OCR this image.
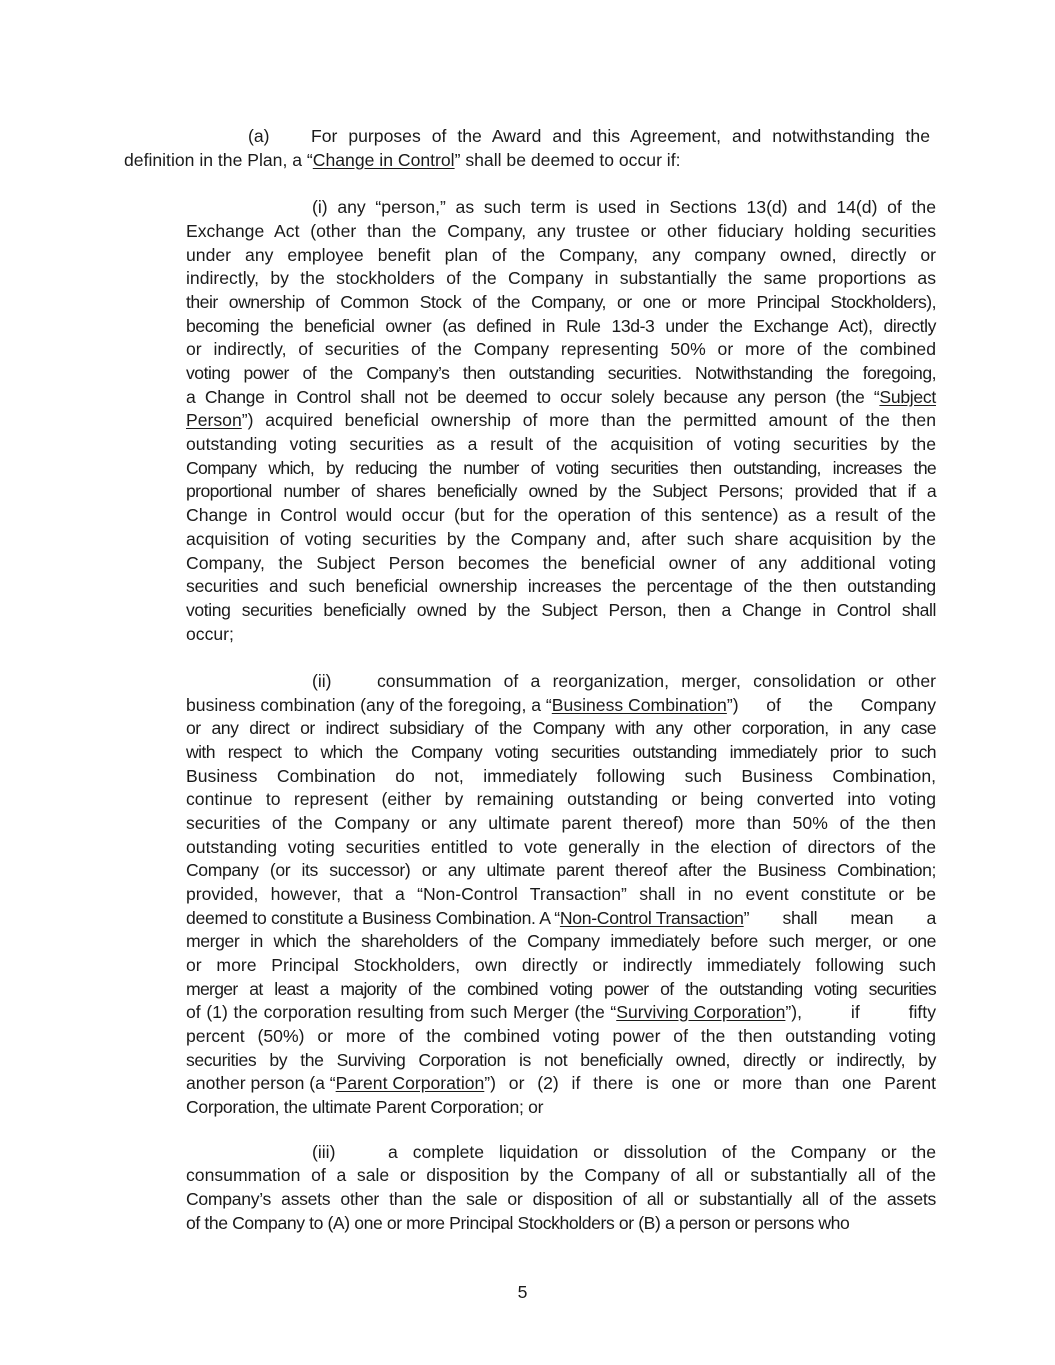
(a) For purposes of the Award and this Agreement, and notwithstanding the
definition in the Plan, a “Change in Control” shall be deemed to occur if:
(i) any “person,” as such term is used in Sections 13(d) and 14(d) of the
Exchange Act (other than the Company, any trustee or other fiduciary holding securities
under any employee benefit plan of the Company, any company owned, directly or
indirectly, by the stockholders of the Company in substantially the same proportions as
their ownership of Common Stock of the Company, or one or more Principal Stockholders),
becoming the beneficial owner (as defined in Rule 13d-3 under the Exchange Act), directly
or indirectly, of securities of the Company representing 50% or more of the combined
voting power of the Company’s then outstanding securities. Notwithstanding the foregoing,
a Change in Control shall not be deemed to occur solely because any person (the “ Subject
Person ”) acquired beneficial ownership of more than the permitted amount of the then
outstanding voting securities as a result of the acquisition of voting securities by the
Company which, by reducing the number of voting securities then outstanding, increases the
proportional number of shares beneficially owned by the Subject Persons; provided that if a
Change in Control would occur (but for the operation of this sentence) as a result of the
acquisition of voting securities by the Company and, after such share acquisition by the
Company, the Subject Person becomes the beneficial owner of any additional voting
securities and such beneficial ownership increases the percentage of the then outstanding
voting securities beneficially owned by the Subject Person, then a Change in Control shall
occur;
(ii)	consummation of a reorganization, merger, consolidation or other
business combination (any of the foregoing, a “ Business Combination ”) of the Company
or any direct or indirect subsidiary of the Company with any other corporation, in any case
with respect to which the Company voting securities outstanding immediately prior to such
Business Combination do not, immediately following such Business Combination,
continue to represent (either by remaining outstanding or being converted into voting
securities of the Company or any ultimate parent thereof) more than 50% of the then
outstanding voting securities entitled to vote generally in the election of directors of the
Company (or its successor) or any ultimate parent thereof after the Business Combination;
provided, however, that a “Non-Control Transaction” shall in no event constitute or be
deemed to constitute a Business Combination. A “ Non-Control Transaction ” shall mean a
merger in which the shareholders of the Company immediately before such merger, or one
or more Principal Stockholders, own directly or indirectly immediately following such
merger at least a majority of the combined voting power of the outstanding voting securities
of (1) the corporation resulting from such Merger (the “ Surviving Corporation ”), if fifty
percent (50%) or more of the combined voting power of the then outstanding voting
securities by the Surviving Corporation is not beneficially owned, directly or indirectly, by
another person (a “ Parent Corporation ”) or (2) if there is one or more than one Parent
Corporation, the ultimate Parent Corporation; or
(iii)	a complete liquidation or dissolution of the Company or the
consummation of a sale or disposition by the Company of all or substantially all of the
Company’s assets other than the sale or disposition of all or substantially all of the assets
of the Company to (A) one or more Principal Stockholders or (B) a person or persons who
5
